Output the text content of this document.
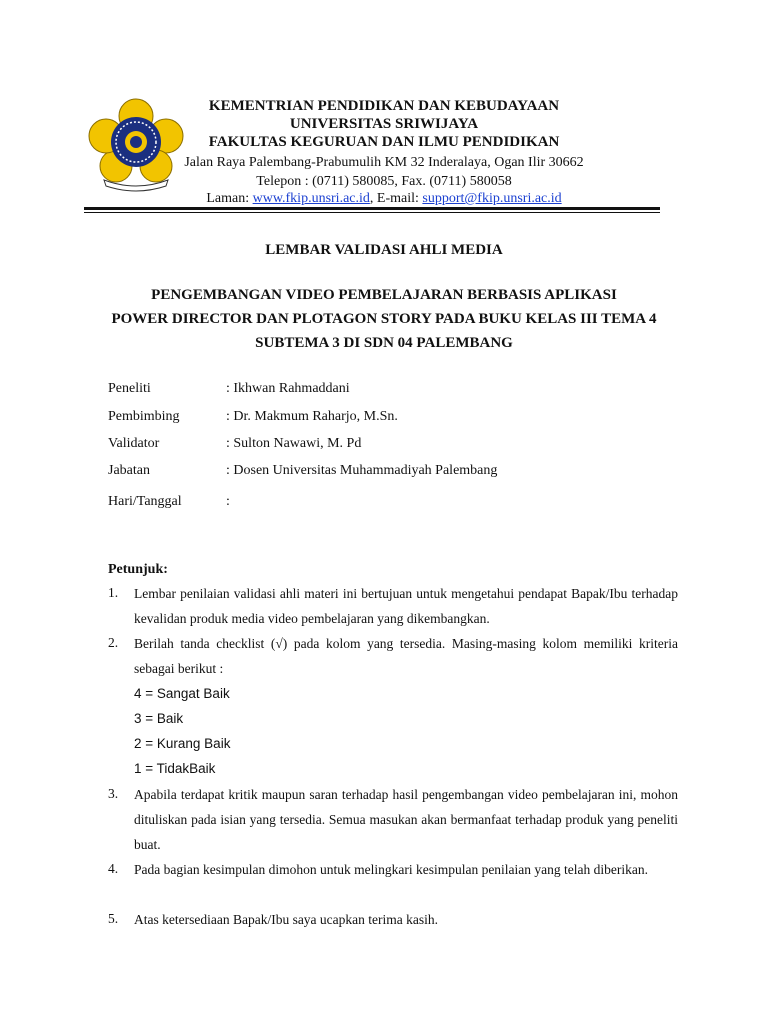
KEMENTRIAN PENDIDIKAN DAN KEBUDAYAAN
UNIVERSITAS SRIWIJAYA
FAKULTAS KEGURUAN DAN ILMU PENDIDIKAN
Jalan Raya Palembang-Prabumulih KM 32 Inderalaya, Ogan Ilir 30662
Telepon : (0711) 580085, Fax. (0711) 580058
Laman: www.fkip.unsri.ac.id, E-mail: support@fkip.unsri.ac.id
LEMBAR VALIDASI AHLI MEDIA
PENGEMBANGAN VIDEO PEMBELAJARAN BERBASIS APLIKASI
POWER DIRECTOR DAN PLOTAGON STORY PADA BUKU KELAS III TEMA 4
SUBTEMA 3 DI SDN 04 PALEMBANG
Peneliti	: Ikhwan Rahmaddani
Pembimbing	: Dr. Makmum Raharjo, M.Sn.
Validator	: Sulton Nawawi, M. Pd
Jabatan	: Dosen Universitas Muhammadiyah Palembang
Hari/Tanggal	:
Petunjuk:
1. Lembar penilaian validasi ahli materi ini bertujuan untuk mengetahui pendapat Bapak/Ibu terhadap kevalidan produk media video pembelajaran yang dikembangkan.
2. Berilah tanda checklist (√) pada kolom yang tersedia. Masing-masing kolom memiliki kriteria sebagai berikut :
4 = Sangat Baik
3 = Baik
2 = Kurang Baik
1 = TidakBaik
3. Apabila terdapat kritik maupun saran terhadap hasil pengembangan video pembelajaran ini, mohon dituliskan pada isian yang tersedia. Semua masukan akan bermanfaat terhadap produk yang peneliti buat.
4. Pada bagian kesimpulan dimohon untuk melingkari kesimpulan penilaian yang telah diberikan.
5. Atas ketersediaan Bapak/Ibu saya ucapkan terima kasih.
